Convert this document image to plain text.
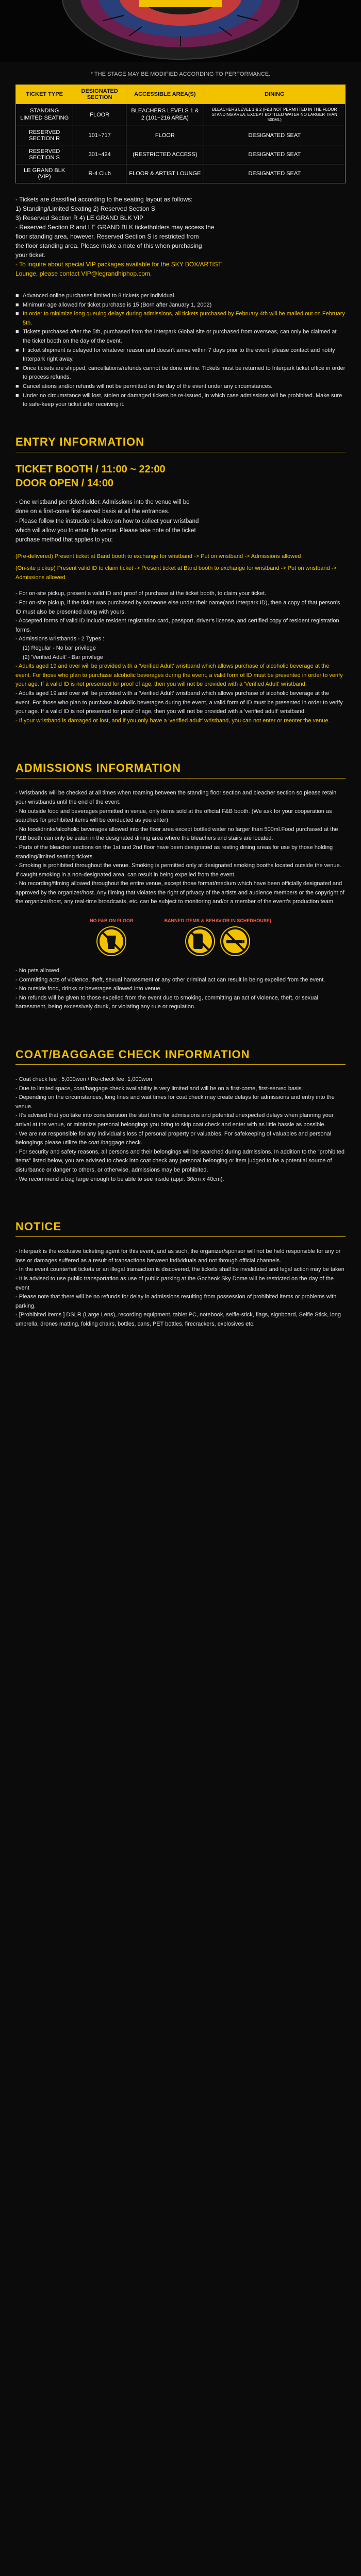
* THE STAGE MAY BE MODIFIED ACCORDING TO PERFORMANCE.
TICKET TYPE	DESIGNATED SECTION	ACCESSIBLE AREA(S)	DINING
STANDING LIMITED SEATING	FLOOR	BLEACHERS LEVELS 1 & 2 (101~216 AREA)	BLEACHERS LEVEL 1 & 2 (F&B NOT PERMITTED IN THE FLOOR STANDING AREA, EXCEPT BOTTLED WATER NO LARGER THAN 500ML)
RESERVED SECTION R	101~717	FLOOR	DESIGNATED SEAT
RESERVED SECTION S	301~424	(RESTRICTED ACCESS)	DESIGNATED SEAT
LE GRAND BLK (VIP)	R-4 Club	FLOOR & ARTIST LOUNGE	DESIGNATED SEAT

- Tickets are classified according to the seating layout as follows:

1) Standing/Limited Seating 2) Reserved Section S

3) Reserved Section R 4) LE GRAND BLK VIP

- Reserved Section R and LE GRAND BLK ticketholders may access the

floor standing area, however, Reserved Section S is restricted from

the floor standing area. Please make a note of this when purchasing

your ticket.

- To inquire about special VIP packages available for the SKY BOX/ARTIST

Lounge, please contact VIP@legrandhiphop.com.

■ Advanced online purchases limited to 8 tickets per individual.
■ Minimum age allowed for ticket purchase is 15 (Born after January 1, 2002)
■ In order to minimize long queuing delays during admissions, all tickets purchased by February 4th will be mailed out on February 5th.
■ Tickets purchased after the 5th, purchased from the Interpark Global site or purchased from overseas, can only be claimed at the ticket booth on the day of the event.
■ If ticket shipment is delayed for whatever reason and doesn't arrive within 7 days prior to the event, please contact and notify Interpark right away.
■ Once tickets are shipped, cancellations/refunds cannot be done online. Tickets must be returned to Interpark ticket office in order to process refunds.
■ Cancellations and/or refunds will not be permitted on the day of the event under any circumstances.
■ Under no circumstance will lost, stolen or damaged tickets be re-issued, in which case admissions will be prohibited. Make sure to safe-keep your ticket after receiving it.
ENTRY INFORMATION
TICKET BOOTH / 11:00 ~ 22:00
DOOR OPEN / 14:00
- One wristband per ticketholder. Admissions into the venue will be
done on a first-come first-served basis at all the entrances.
- Please follow the instructions below on how to collect your wristband
which will allow you to enter the venue: Please take note of the ticket
purchase method that applies to you:
(Pre-delivered) Present ticket at Band booth to exchange for wristband -> Put on wristband -> Admissions allowed
(On-site pickup) Present valid ID to claim ticket -> Present ticket at Band booth to exchange for wristband -> Put on wristband -> Admissions allowed
- For on-site pickup, present a valid ID and proof of purchase at the ticket booth, to claim your ticket.
- For on-site pickup, if the ticket was purchased by someone else under their name(and Interpark ID), then a copy of that person's ID must also be presented along with yours.
- Accepted forms of valid ID include resident registration card, passport, driver's license, and certified copy of resident registration forms.
- Admissions wristbands - 2 Types :
(1) Regular - No bar privilege
(2) 'Verified Adult' - Bar privilege
- Adults aged 19 and over will be provided with a 'Verified Adult' wristband which allows purchase of alcoholic beverage at the event. For those who plan to purchase alcoholic beverages during the event, a valid form of ID must be presented in order to verify your age. If a valid ID is not presented for proof of age, then you will not be provided with a 'Verified Adult' wristband.
- Adults aged 19 and over will be provided with a 'Verified Adult' wristband which allows purchase of alcoholic beverage at the event. For those who plan to purchase alcoholic beverages during the event, a valid form of ID must be presented in order to verify your age. If a valid ID is not presented for proof of age, then you will not be provided with a 'verified adult' wristband.
- If your wristband is damaged or lost, and if you only have a 'verified adult' wristband, you can not enter or reenter the venue.
ADMISSIONS INFORMATION
- Wristbands will be checked at all times when roaming between the standing floor section and bleacher section so please retain your wristbands until the end of the event.
- No outside food and beverages permitted in venue, only items sold at the official F&B booth. (We ask for your cooperation as searches for prohibited items will be conducted as you enter)
- No food/drinks/alcoholic beverages allowed into the floor area except bottled water no larger than 500ml.Food purchased at the F&B booth can only be eaten in the designated dining area where the bleachers and stairs are located.
- Parts of the bleacher sections on the 1st and 2nd floor have been designated as resting dining areas for use by those holding standing/limited seating tickets.
- Smoking is prohibited throughout the venue. Smoking is permitted only at designated smoking booths located outside the venue. If caught smoking in a non-designated area, can result in being expelled from the event.
- No recording/filming allowed throughout the entire venue, except those format/medium which have been officially designated and approved by the organizer/host. Any filming that violates the right of privacy of the artists and audience members or the copyright of the organizer/host, any real-time broadcasts, etc. can be subject to monitoring and/or a member of the event's production team.
NO F&B ON FLOOR	BANNED ITEMS & BEHAVIOR IN SCHEDHOUSE)
- No pets allowed.
- Committing acts of violence, theft, sexual harassment or any other criminal act can result in being expelled from the event.
- No outside food, drinks or beverages allowed into venue.
- No refunds will be given to those expelled from the event due to smoking, committing an act of violence, theft, or sexual harassment, being excessively drunk, or violating any rule or regulation.
COAT/BAGGAGE CHECK INFORMATION
- Coat check fee : 5,000won / Re-check fee: 1,000won
- Due to limited space, coat/baggage check availability is very limited and will be on a first-come, first-served basis.
- Depending on the circumstances, long lines and wait times for coat check may create delays for admissions and entry into the venue.
- It's advised that you take into consideration the start time for admissions and potential unexpected delays when planning your arrival at the venue, or minimize personal belongings you bring to skip coat check and enter with as little hassle as possible.
- We are not responsible for any individual's loss of personal property or valuables. For safekeeping of valuables and personal belongings please utilize the coat /baggage check.
- For security and safety reasons, all persons and their belongings will be searched during admissions. In addition to the "prohibited items" listed below, you are advised to check into coat check any personal belonging or item judged to be a potential source of disturbance or danger to others, or otherwise, admissions may be prohibited.
- We recommend a bag large enough to be able to see inside (appr. 30cm x 40cm).
NOTICE
- Interpark is the exclusive ticketing agent for this event, and as such, the organizer/sponsor will not be held responsible for any or loss or damages suffered as a result of transactions between individuals and not through official channels.
- In the event counterfeit tickets or an illegal transaction is discovered, the tickets shall be invalidated and legal action may be taken
- It is advised to use public transportation as use of public parking at the Gocheok Sky Dome will be restricted on the day of the event
- Please note that there will be no refunds for delay in admissions resulting from possession of prohibited items or problems with parking.
- [Prohibited Items ] DSLR (Large Lens), recording equipment, tablet PC, notebook, selfie-stick, flags, signboard, Selfie Stick, long umbrella, drones matting, folding chairs, bottles, cans, PET bottles, firecrackers, explosives etc.
